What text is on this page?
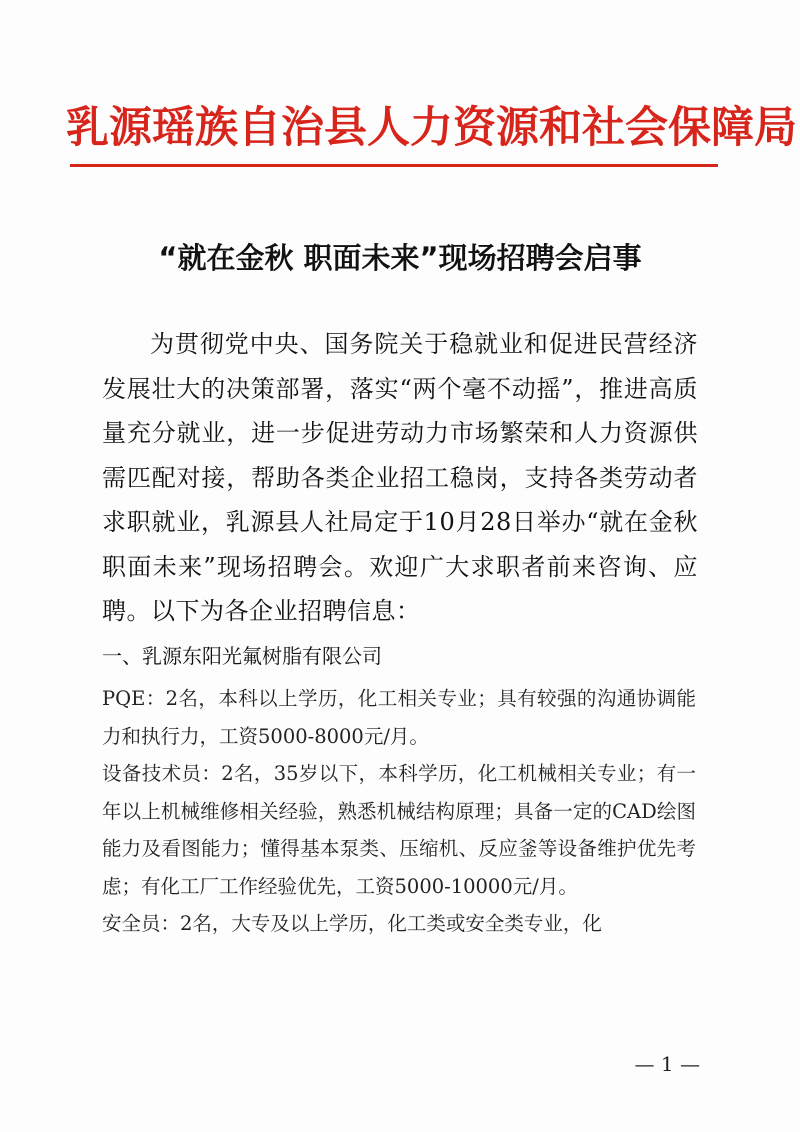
乳源瑶族自治县人力资源和社会保障局
“就在金秋 职面未来”现场招聘会启事
为贯彻党中央、国务院关于稳就业和促进民营经济发展壮大的决策部署，落实“两个毫不动摇”，推进高质量充分就业，进一步促进劳动力市场繁荣和人力资源供需匹配对接，帮助各类企业招工稳岗，支持各类劳动者求职就业，乳源县人社局定于10月28日举办“就在金秋 职面未来”现场招聘会。欢迎广大求职者前来咨询、应聘。以下为各企业招聘信息：
一、乳源东阳光氟树脂有限公司

PQE：2名，本科以上学历，化工相关专业；具有较强的沟通协调能力和执行力，工资5000-8000元/月。

设备技术员：2名，35岁以下，本科学历，化工机械相关专业；有一年以上机械维修相关经验，熟悉机械结构原理；具备一定的CAD绘图能力及看图能力；懂得基本泵类、压缩机、反应釜等设备维护优先考虑；有化工厂工作经验优先，工资5000-10000元/月。

安全员：2名，大专及以上学历，化工类或安全类专业，化

— 1 —
